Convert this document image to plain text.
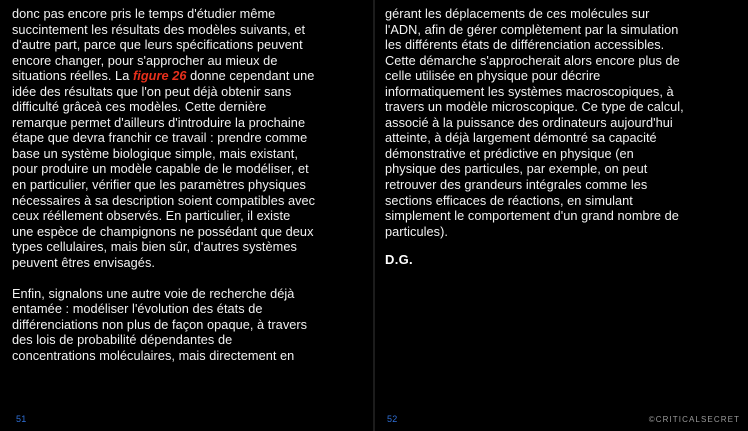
donc pas encore pris le temps d'étudier même
succintement les résultats des modèles suivants, et
d'autre part, parce que leurs spécifications peuvent
encore changer, pour s'approcher au mieux de
situations réelles. La figure 26 donne cependant une
idée des résultats que l'on peut déjà obtenir sans
difficulté grâceà ces modèles. Cette dernière
remarque permet d'ailleurs d'introduire la prochaine
étape que devra franchir ce travail : prendre comme
base un système biologique simple, mais existant,
pour produire un modèle capable de le modéliser, et
en particulier, vérifier que les paramètres physiques
nécessaires à sa description soient compatibles avec
ceux rééllement observés. En particulier, il existe
une espèce de champignons ne possédant que deux
types cellulaires, mais bien sûr, d'autres systèmes
peuvent êtres envisagés.
Enfin, signalons une autre voie de recherche déjà
entamée : modéliser l'évolution des états de
différenciations non plus de façon opaque, à travers
des lois de probabilité dépendantes de
concentrations moléculaires, mais directement en
51
gérant les déplacements de ces molécules sur
l'ADN, afin de gérer complètement par la simulation
les différents états de différenciation accessibles.
Cette démarche s'approcherait alors encore plus de
celle utilisée en physique pour décrire
informatiquement les systèmes macroscopiques, à
travers un modèle microscopique. Ce type de calcul,
associé à la puissance des ordinateurs aujourd'hui
atteinte, à déjà largement démontré sa capacité
démonstrative et prédictive en physique (en
physique des particules, par exemple, on peut
retrouver des grandeurs intégrales comme les
sections efficaces de réactions, en simulant
simplement le comportement d'un grand nombre de
particules).
D.G.
52	©CRITICALSECRET
